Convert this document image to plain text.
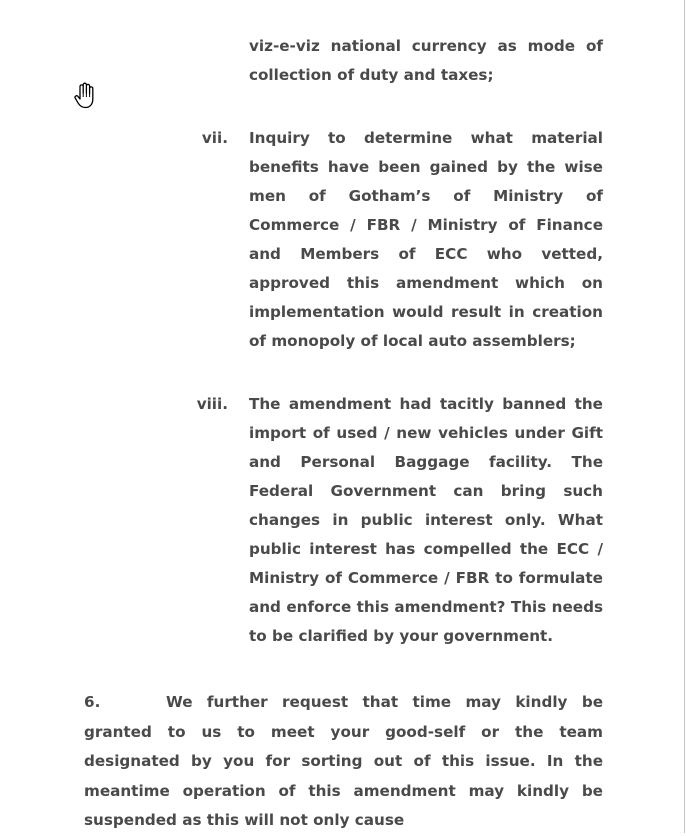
viz-e-viz national currency as mode of collection of duty and taxes;
vii. Inquiry to determine what material benefits have been gained by the wise men of Gotham’s of Ministry of Commerce / FBR / Ministry of Finance and Members of ECC who vetted, approved this amendment which on implementation would result in creation of monopoly of local auto assemblers;
viii. The amendment had tacitly banned the import of used / new vehicles under Gift and Personal Baggage facility. The Federal Government can bring such changes in public interest only. What public interest has compelled the ECC / Ministry of Commerce / FBR to formulate and enforce this amendment? This needs to be clarified by your government.
6.	We further request that time may kindly be granted to us to meet your good-self or the team designated by you for sorting out of this issue. In the meantime operation of this amendment may kindly be suspended as this will not only cause
